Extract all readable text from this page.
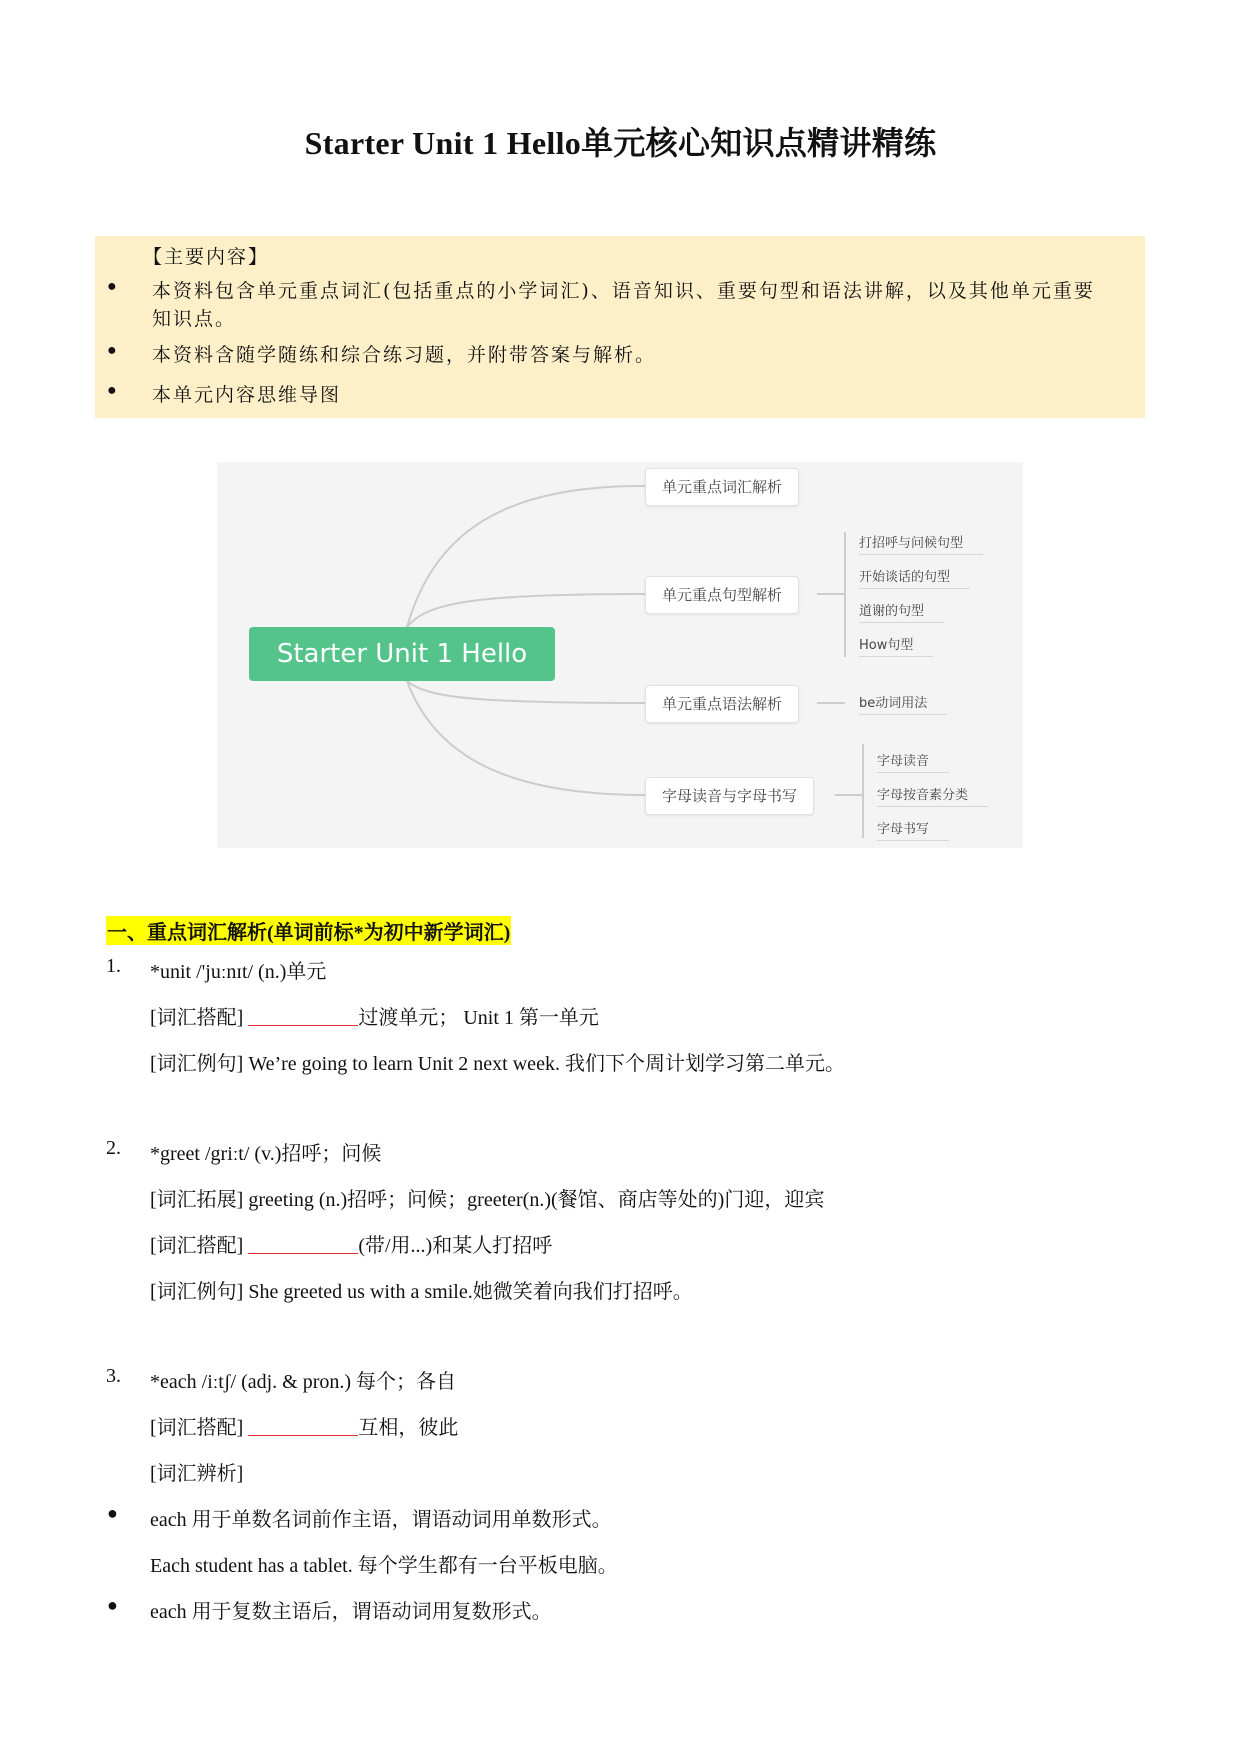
Starter Unit 1 Hello单元核心知识点精讲精练
【主要内容】
● 本资料包含单元重点词汇(包括重点的小学词汇)、语音知识、重要句型和语法讲解，以及其他单元重要
知识点。
● 本资料含随学随练和综合练习题，并附带答案与解析。
● 本单元内容思维导图
Starter Unit 1 Hello
单元重点词汇解析
单元重点句型解析
单元重点语法解析
字母读音与字母书写
打招呼与问候句型
开始谈话的句型
道谢的句型
How句型
be动词用法
字母读音
字母按音素分类
字母书写
一、重点词汇解析(单词前标*为初中新学词汇)
1. *unit /'juːnɪt/ (n.)单元
[词汇搭配]	过渡单元； Unit 1 第一单元
[词汇例句] We’re going to learn Unit 2 next week. 我们下个周计划学习第二单元。
2. *greet /griːt/ (v.)招呼；问候
[词汇拓展] greeting (n.)招呼；问候；greeter(n.)(餐馆、商店等处的)门迎，迎宾
[词汇搭配]	(带/用...)和某人打招呼
[词汇例句] She greeted us with a smile.她微笑着向我们打招呼。
3. *each /iːtʃ/ (adj. & pron.) 每个；各自
[词汇搭配]	互相，彼此
[词汇辨析]
● each 用于单数名词前作主语，谓语动词用单数形式。
Each student has a tablet. 每个学生都有一台平板电脑。
● each 用于复数主语后，谓语动词用复数形式。
